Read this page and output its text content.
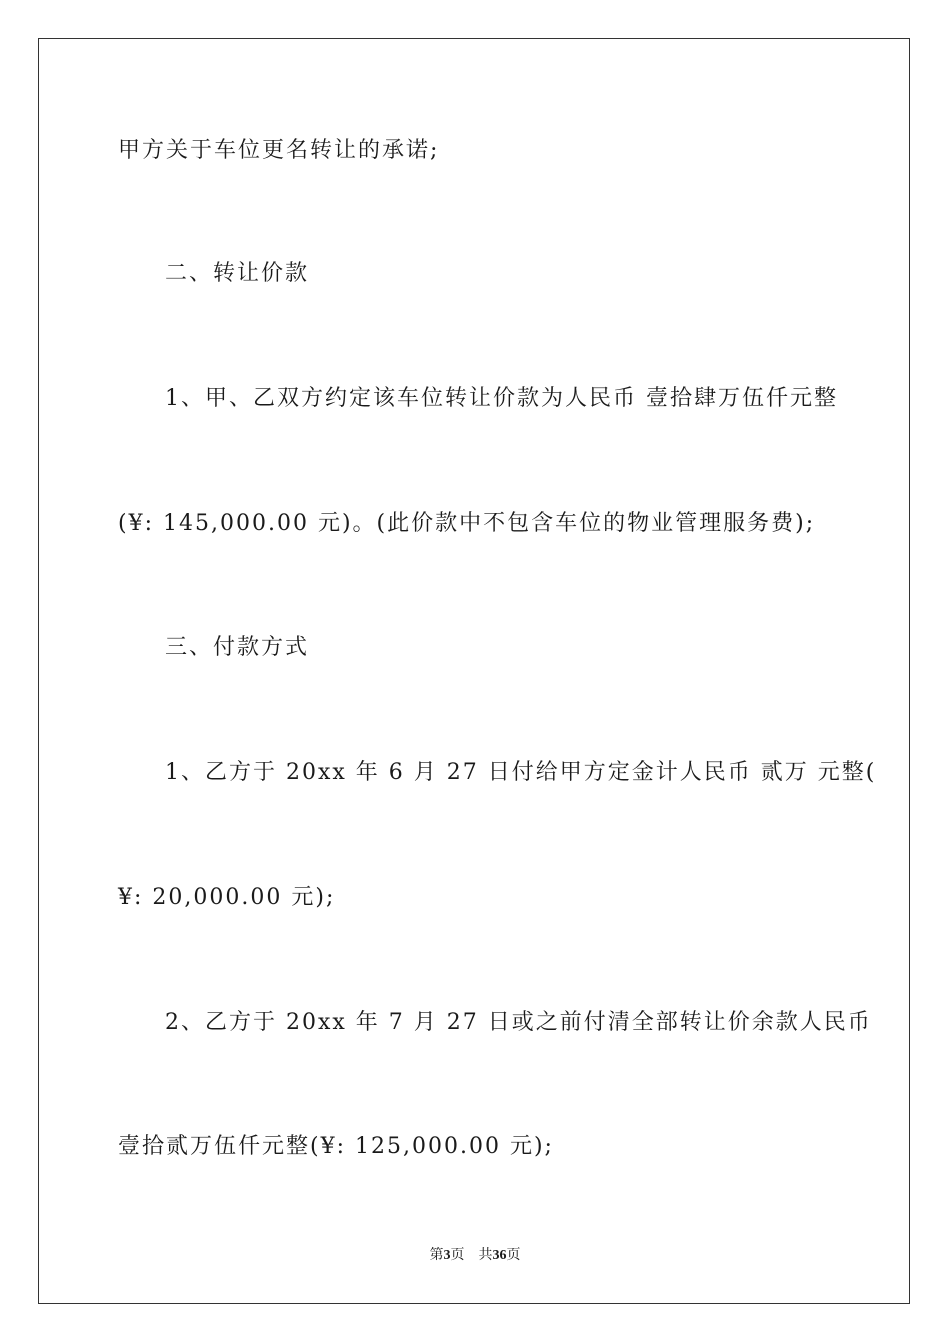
甲方关于车位更名转让的承诺;
二、转让价款
1、甲、乙双方约定该车位转让价款为人民币 壹拾肆万伍仟元整
(¥: 145,000.00 元)。(此价款中不包含车位的物业管理服务费);
三、付款方式
1、乙方于 20xx 年 6 月 27 日付给甲方定金计人民币 贰万 元整(
¥: 20,000.00 元);
2、乙方于 20xx 年 7 月 27 日或之前付清全部转让价余款人民币
壹拾贰万伍仟元整(¥: 125,000.00 元);
第3页 共36页
